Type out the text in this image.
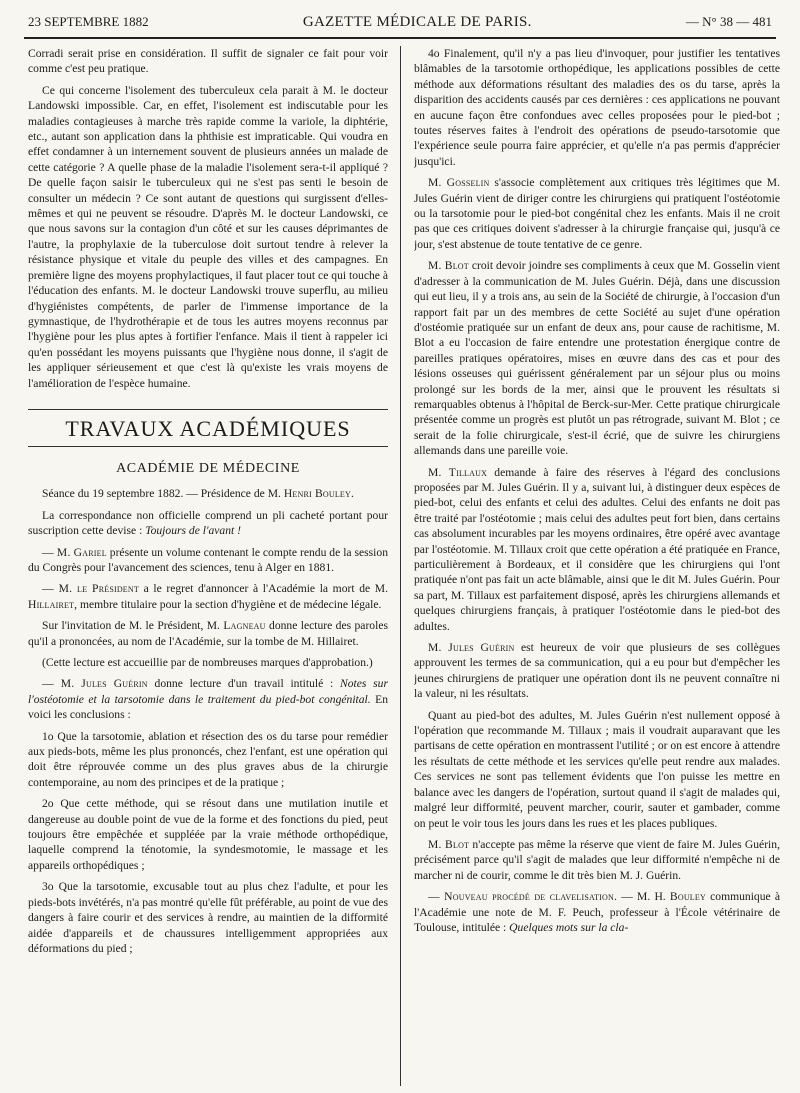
23 SEPTEMBRE 1882	GAZETTE MÉDICALE DE PARIS.	— N° 38 — 481

Corradi serait prise en considération. Il suffit de signaler ce fait pour voir comme c'est peu pratique.

Ce qui concerne l'isolement des tuberculeux cela parait à M. le docteur Landowski impossible. Car, en effet, l'isolement est indiscutable pour les maladies contagieuses à marche très rapide comme la variole, la diphtérie, etc., autant son application dans la phthisie est impraticable. Qui voudra en effet condamner à un internement souvent de plusieurs années un malade de cette catégorie ? A quelle phase de la maladie l'isolement sera-t-il appliqué ? De quelle façon saisir le tuberculeux qui ne s'est pas senti le besoin de consulter un médecin ? Ce sont autant de questions qui surgissent d'elles-mêmes et qui ne peuvent se résoudre. D'après M. le docteur Landowski, ce que nous savons sur la contagion d'un côté et sur les causes déprimantes de l'autre, la prophylaxie de la tuberculose doit surtout tendre à relever la résistance physique et vitale du peuple des villes et des campagnes. En première ligne des moyens prophylactiques, il faut placer tout ce qui touche à l'éducation des enfants. M. le docteur Landowski trouve superflu, au milieu d'hygiénistes compétents, de parler de l'immense importance de la gymnastique, de l'hydrothérapie et de tous les autres moyens reconnus par l'hygiène pour les plus aptes à fortifier l'enfance. Mais il tient à rappeler ici qu'en possédant les moyens puissants que l'hygiène nous donne, il s'agit de les appliquer sérieusement et que c'est là qu'existe les vrais moyens de l'amélioration de l'espèce humaine.

TRAVAUX ACADÉMIQUES
ACADÉMIE DE MÉDECINE

Séance du 19 septembre 1882. — Présidence de M. Henri Bouley.

La correspondance non officielle comprend un pli cacheté portant pour suscription cette devise : Toujours de l'avant !

— M. Gariel présente un volume contenant le compte rendu de la session du Congrès pour l'avancement des sciences, tenu à Alger en 1881.

— M. le Président a le regret d'annoncer à l'Académie la mort de M. Hillairet, membre titulaire pour la section d'hygiène et de médecine légale.

Sur l'invitation de M. le Président, M. Lagneau donne lecture des paroles qu'il a prononcées, au nom de l'Académie, sur la tombe de M. Hillairet.

(Cette lecture est accueillie par de nombreuses marques d'approbation.)

— M. Jules Guérin donne lecture d'un travail intitulé : Notes sur l'ostéotomie et la tarsotomie dans le traitement du pied-bot congénital. En voici les conclusions :

1o Que la tarsotomie, ablation et résection des os du tarse pour remédier aux pieds-bots, même les plus prononcés, chez l'enfant, est une opération qui doit être réprouvée comme un des plus graves abus de la chirurgie contemporaine, au nom des principes et de la pratique ;

2o Que cette méthode, qui se résout dans une mutilation inutile et dangereuse au double point de vue de la forme et des fonctions du pied, peut toujours être empêchée et suppléée par la vraie méthode orthopédique, laquelle comprend la ténotomie, la syndesmotomie, le massage et les appareils orthopédiques ;

3o Que la tarsotomie, excusable tout au plus chez l'adulte, et pour les pieds-bots invétérés, n'a pas montré qu'elle fût préférable, au point de vue des dangers à faire courir et des services à rendre, au maintien de la difformité aidée d'appareils et de chaussures intelligemment appropriées aux déformations du pied ;

4o Finalement, qu'il n'y a pas lieu d'invoquer, pour justifier les tentatives blâmables de la tarsotomie orthopédique, les applications possibles de cette méthode aux déformations résultant des maladies des os du tarse, après la disparition des accidents causés par ces dernières : ces applications ne pouvant en aucune façon être confondues avec celles proposées pour le pied-bot ; toutes réserves faites à l'endroit des opérations de pseudo-tarsotomie que l'expérience seule pourra faire apprécier, et qu'elle n'a pas permis d'apprécier jusqu'ici.

M. Gosselin s'associe complètement aux critiques très légitimes que M. Jules Guérin vient de diriger contre les chirurgiens qui pratiquent l'ostéotomie ou la tarsotomie pour le pied-bot congénital chez les enfants. Mais il ne croit pas que ces critiques doivent s'adresser à la chirurgie française qui, jusqu'à ce jour, s'est abstenue de toute tentative de ce genre.

M. Blot croit devoir joindre ses compliments à ceux que M. Gosselin vient d'adresser à la communication de M. Jules Guérin. Déjà, dans une discussion qui eut lieu, il y a trois ans, au sein de la Société de chirurgie, à l'occasion d'un rapport fait par un des membres de cette Société au sujet d'une opération d'ostéomie pratiquée sur un enfant de deux ans, pour cause de rachitisme, M. Blot a eu l'occasion de faire entendre une protestation énergique contre de pareilles pratiques opératoires, mises en œuvre dans des cas et pour des lésions osseuses qui guérissent généralement par un séjour plus ou moins prolongé sur les bords de la mer, ainsi que le prouvent les résultats si remarquables obtenus à l'hôpital de Berck-sur-Mer. Cette pratique chirurgicale présentée comme un progrès est plutôt un pas rétrograde, suivant M. Blot ; ce serait de la folie chirurgicale, s'est-il écrié, que de suivre les chirurgiens allemands dans une pareille voie.

M. Tillaux demande à faire des réserves à l'égard des conclusions proposées par M. Jules Guérin. Il y a, suivant lui, à distinguer deux espèces de pied-bot, celui des enfants et celui des adultes. Celui des enfants ne doit pas être traité par l'ostéotomie ; mais celui des adultes peut fort bien, dans certains cas absolument incurables par les moyens ordinaires, être opéré avec avantage par l'ostéotomie. M. Tillaux croit que cette opération a été pratiquée en France, particulièrement à Bordeaux, et il considère que les chirurgiens qui l'ont pratiquée n'ont pas fait un acte blâmable, ainsi que le dit M. Jules Guérin. Pour sa part, M. Tillaux est parfaitement disposé, après les chirurgiens allemands et quelques chirurgiens français, à pratiquer l'ostéotomie dans le pied-bot des adultes.

M. Jules Guérin est heureux de voir que plusieurs de ses collègues approuvent les termes de sa communication, qui a eu pour but d'empêcher les jeunes chirurgiens de pratiquer une opération dont ils ne peuvent connaître ni la valeur, ni les résultats.

Quant au pied-bot des adultes, M. Jules Guérin n'est nullement opposé à l'opération que recommande M. Tillaux ; mais il voudrait auparavant que les partisans de cette opération en montrassent l'utilité ; or on est encore à attendre les résultats de cette méthode et les services qu'elle peut rendre aux malades. Ces services ne sont pas tellement évidents que l'on puisse les mettre en balance avec les dangers de l'opération, surtout quand il s'agit de malades qui, malgré leur difformité, peuvent marcher, courir, sauter et gambader, comme on peut le voir tous les jours dans les rues et les places publiques.

M. Blot n'accepte pas même la réserve que vient de faire M. Jules Guérin, précisément parce qu'il s'agit de malades que leur difformité n'empêche ni de marcher ni de courir, comme le dit très bien M. J. Guérin.

— Nouveau procédé de clavelisation. — M. H. Bouley communique à l'Académie une note de M. F. Peuch, professeur à l'École vétérinaire de Toulouse, intitulée : Quelques mots sur la cla-
